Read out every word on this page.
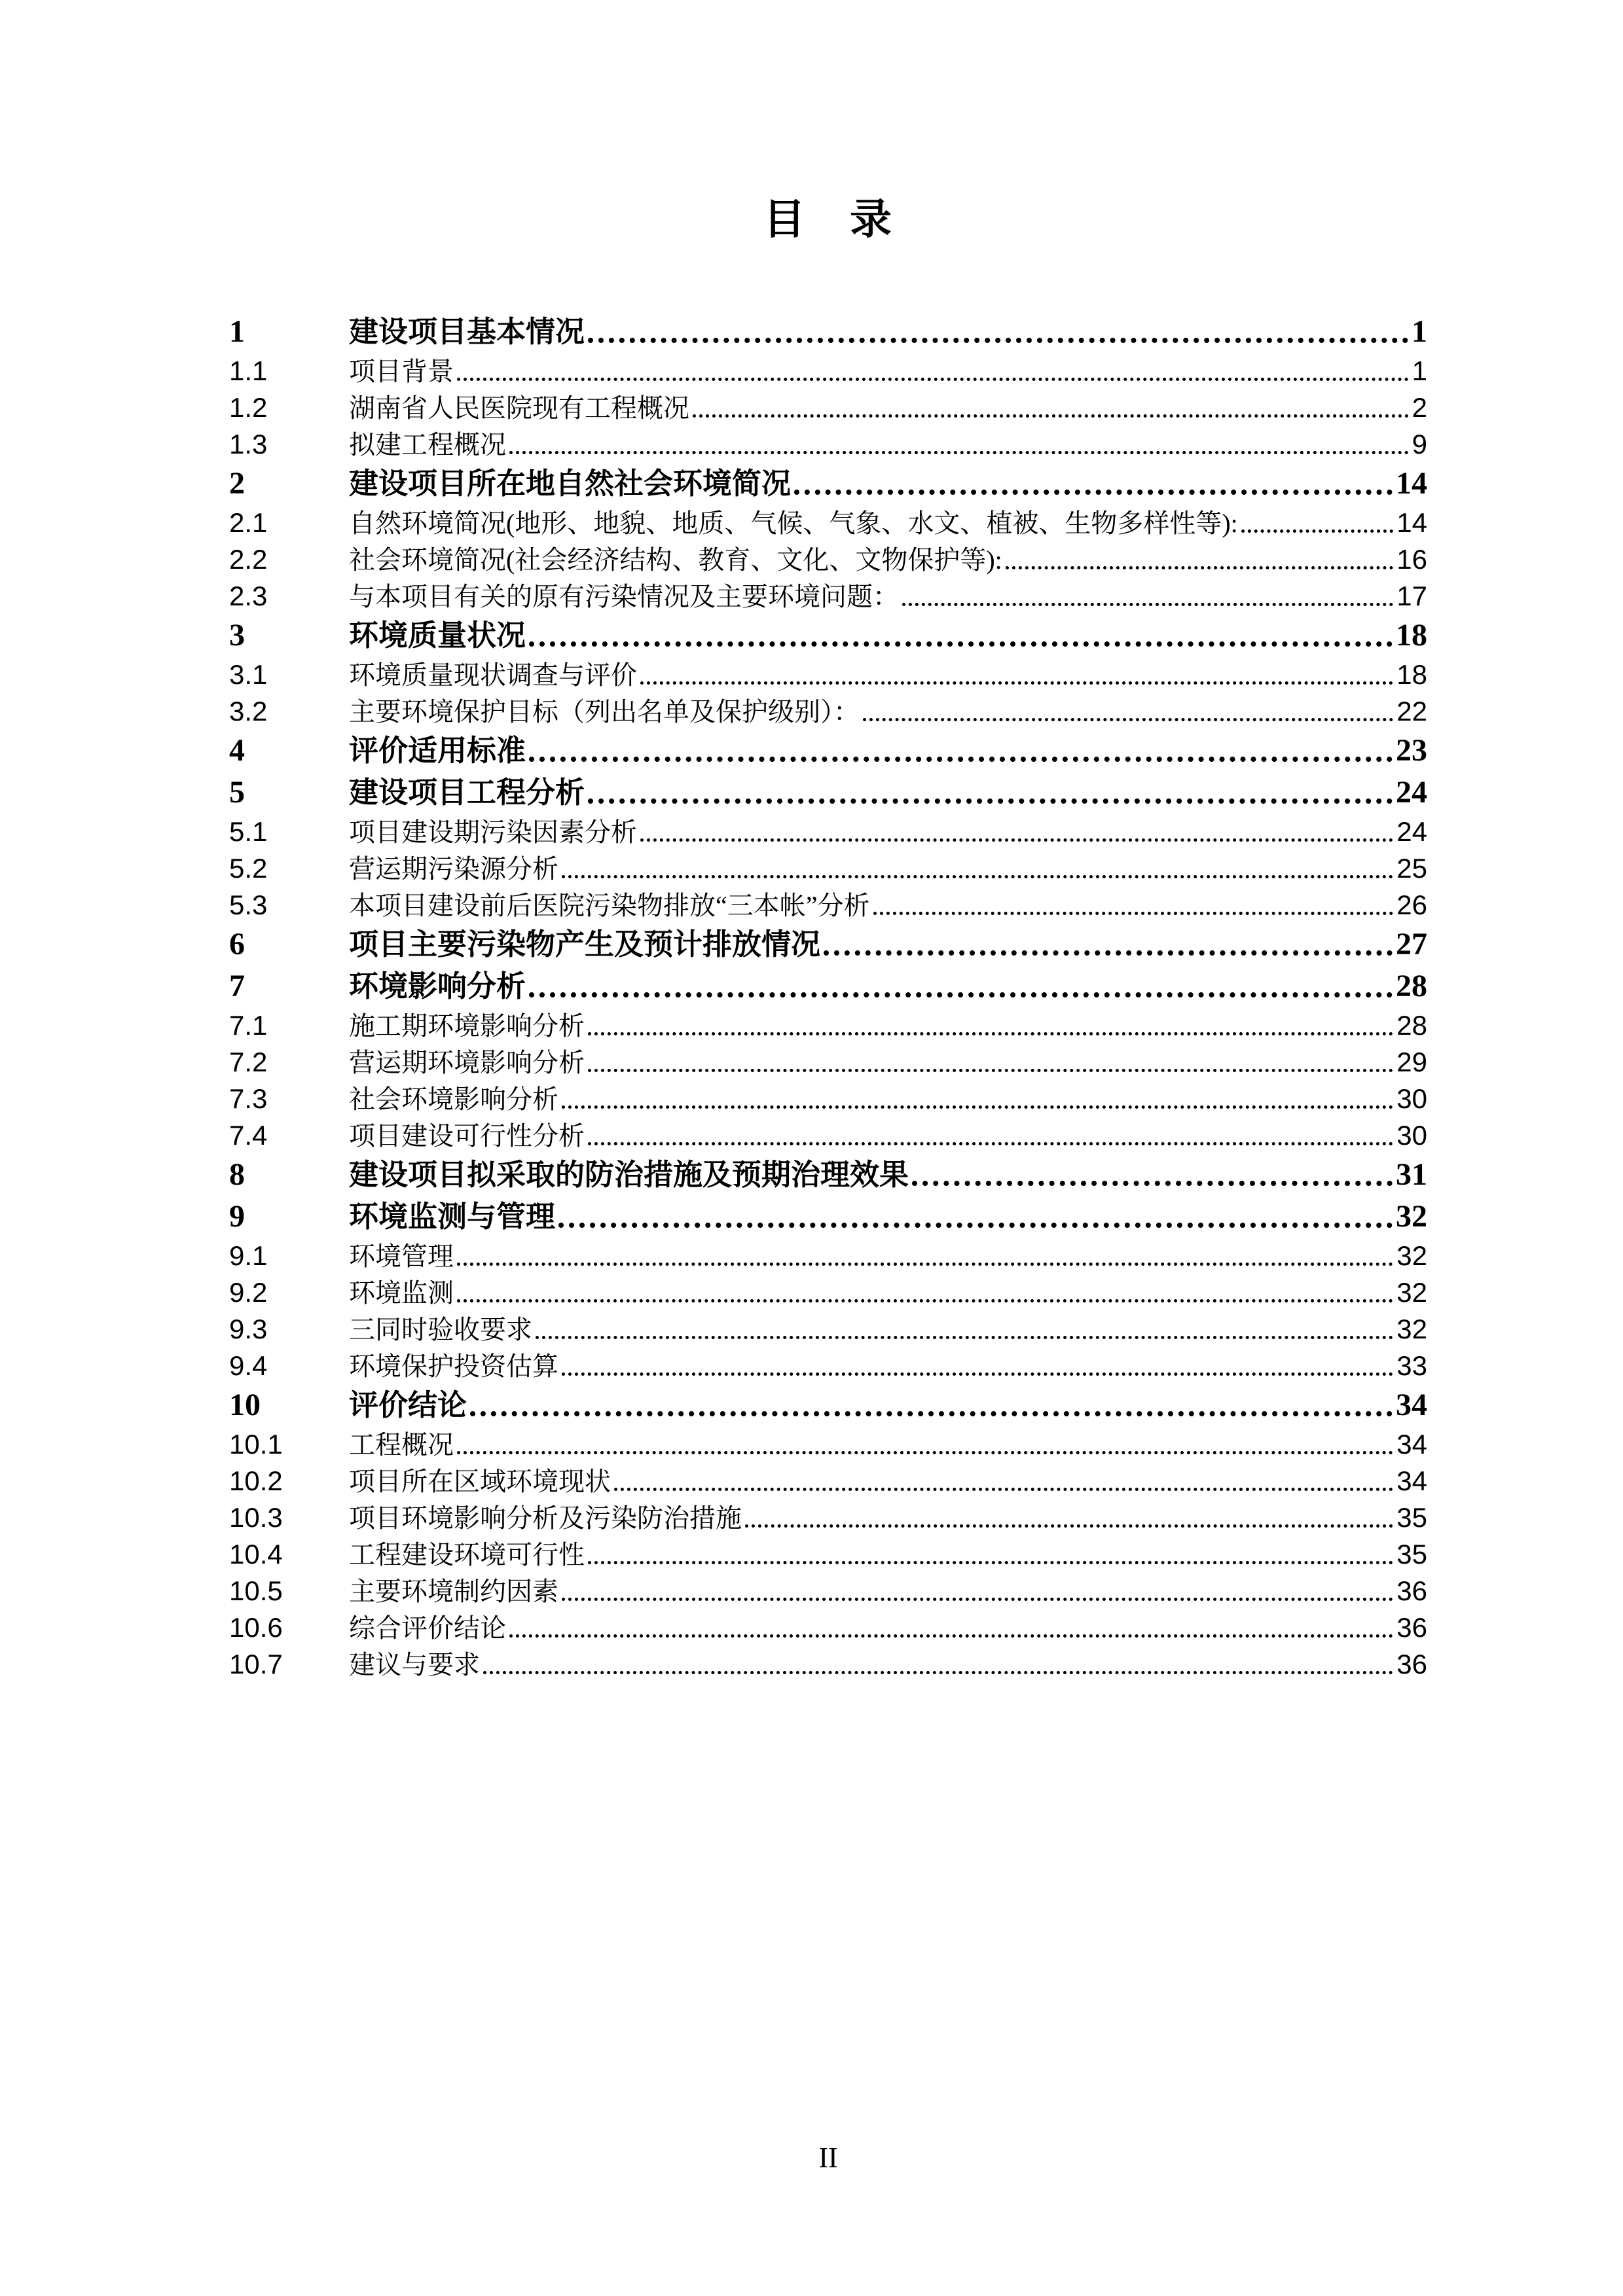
目　录
1	建设项目基本情况	1
1.1	项目背景	1
1.2	湖南省人民医院现有工程概况	2
1.3	拟建工程概况	9
2	建设项目所在地自然社会环境简况	14
2.1	自然环境简况(地形、地貌、地质、气候、气象、水文、植被、生物多样性等):	14
2.2	社会环境简况(社会经济结构、教育、文化、文物保护等):	16
2.3	与本项目有关的原有污染情况及主要环境问题：	17
3	环境质量状况	18
3.1	环境质量现状调查与评价	18
3.2	主要环境保护目标（列出名单及保护级别）：	22
4	评价适用标准	23
5	建设项目工程分析	24
5.1	项目建设期污染因素分析	24
5.2	营运期污染源分析	25
5.3	本项目建设前后医院污染物排放“三本帐”分析	26
6	项目主要污染物产生及预计排放情况	27
7	环境影响分析	28
7.1	施工期环境影响分析	28
7.2	营运期环境影响分析	29
7.3	社会环境影响分析	30
7.4	项目建设可行性分析	30
8	建设项目拟采取的防治措施及预期治理效果	31
9	环境监测与管理	32
9.1	环境管理	32
9.2	环境监测	32
9.3	三同时验收要求	32
9.4	环境保护投资估算	33
10	评价结论	34
10.1	工程概况	34
10.2	项目所在区域环境现状	34
10.3	项目环境影响分析及污染防治措施	35
10.4	工程建设环境可行性	35
10.5	主要环境制约因素	36
10.6	综合评价结论	36
10.7	建议与要求	36
II
